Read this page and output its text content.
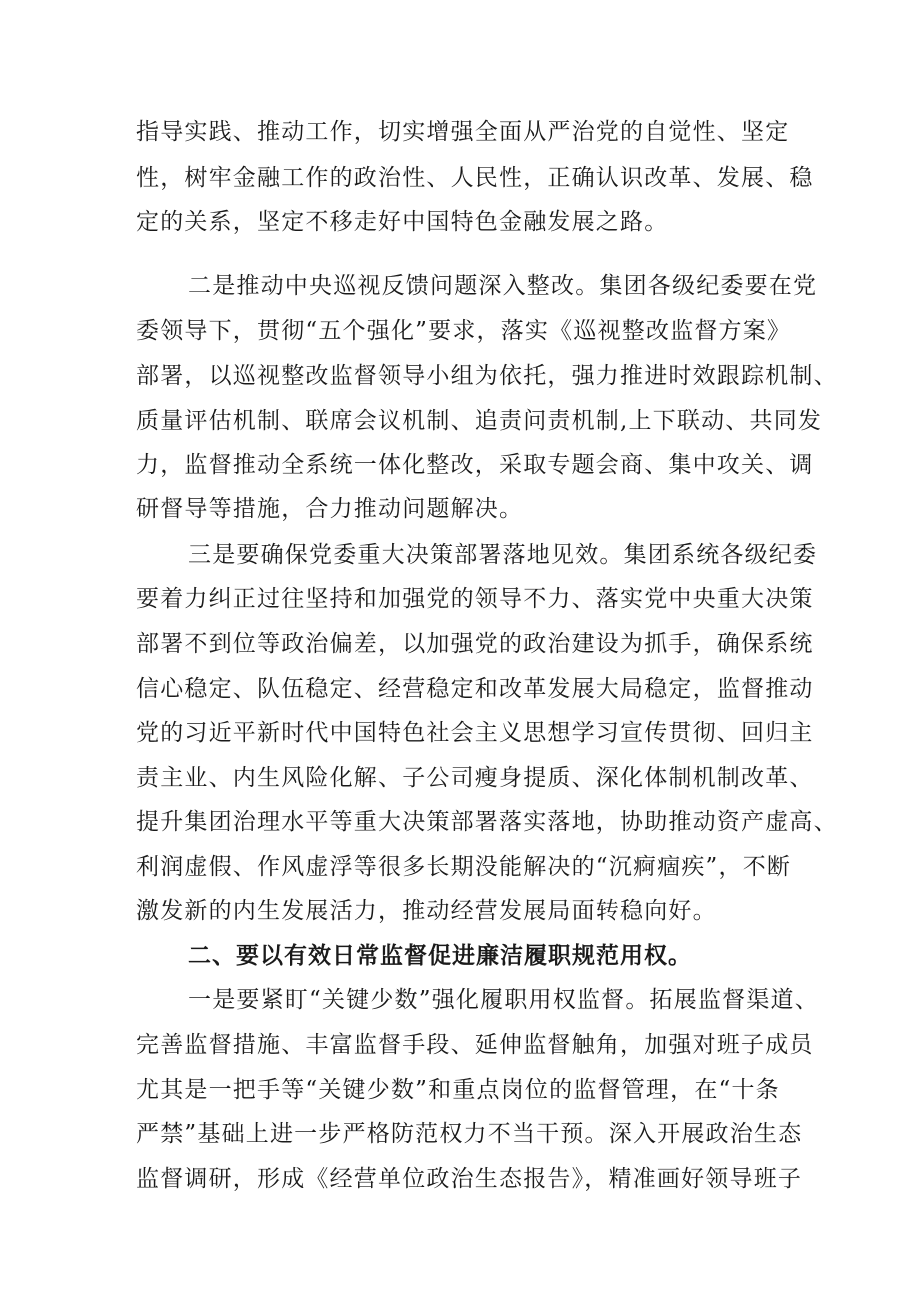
指导实践、推动工作，切实增强全面从严治党的自觉性、坚定
性，树牢金融工作的政治性、人民性，正确认识改革、发展、稳
定的关系，坚定不移走好中国特色金融发展之路。
二是推动中央巡视反馈问题深入整改。集团各级纪委要在党
委领导下，贯彻“五个强化”要求，落实《巡视整改监督方案》
部署，以巡视整改监督领导小组为依托，强力推进时效跟踪机制、
质量评估机制、联席会议机制、追责问责机制,上下联动、共同发
力，监督推动全系统一体化整改，采取专题会商、集中攻关、调
研督导等措施，合力推动问题解决。
三是要确保党委重大决策部署落地见效。集团系统各级纪委
要着力纠正过往坚持和加强党的领导不力、落实党中央重大决策
部署不到位等政治偏差，以加强党的政治建设为抓手，确保系统
信心稳定、队伍稳定、经营稳定和改革发展大局稳定，监督推动
党的习近平新时代中国特色社会主义思想学习宣传贯彻、回归主
责主业、内生风险化解、子公司瘦身提质、深化体制机制改革、
提升集团治理水平等重大决策部署落实落地，协助推动资产虚高、
利润虚假、作风虚浮等很多长期没能解决的“沉痾痼疾”，不断
激发新的内生发展活力，推动经营发展局面转稳向好。
二、要以有效日常监督促进廉洁履职规范用权。
一是要紧盯“关键少数”强化履职用权监督。拓展监督渠道、
完善监督措施、丰富监督手段、延伸监督触角，加强对班子成员
尤其是一把手等“关键少数”和重点岗位的监督管理，在“十条
严禁”基础上进一步严格防范权力不当干预。深入开展政治生态
监督调研，形成《经营单位政治生态报告》，精准画好领导班子
